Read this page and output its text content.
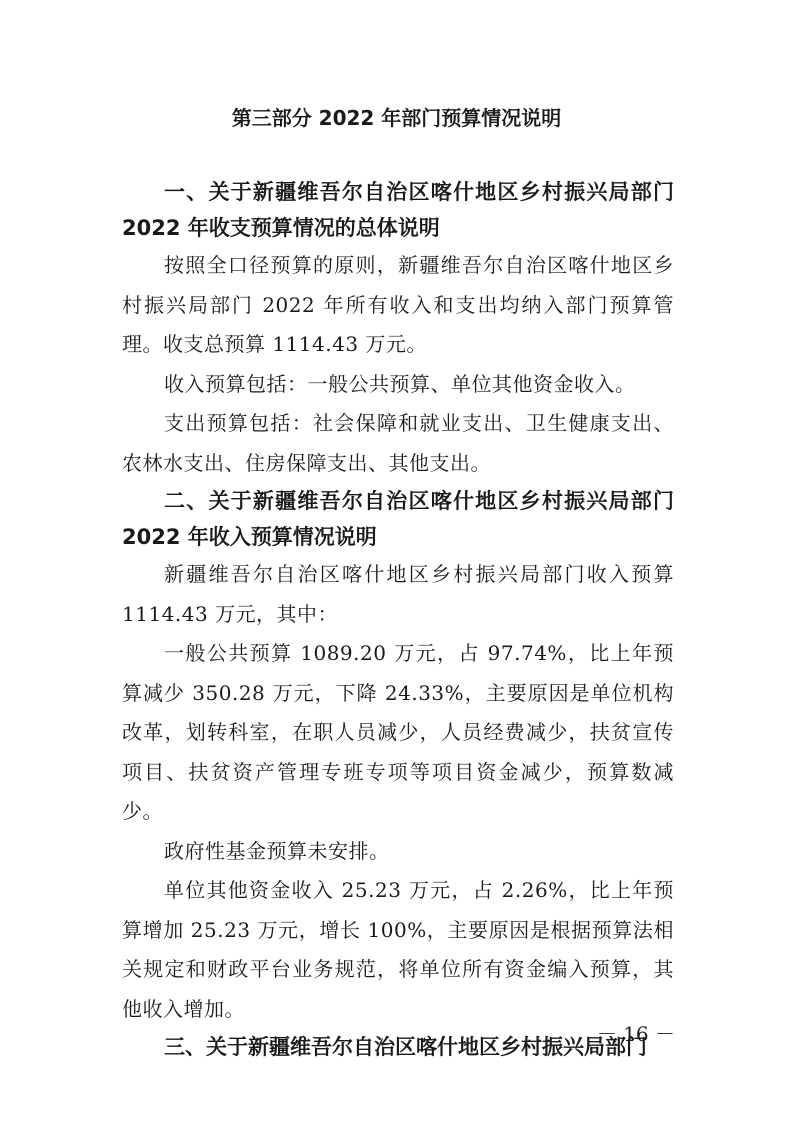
第三部分 2022 年部门预算情况说明

一、关于新疆维吾尔自治区喀什地区乡村振兴局部门 2022 年收支预算情况的总体说明

按照全口径预算的原则，新疆维吾尔自治区喀什地区乡村振兴局部门 2022 年所有收入和支出均纳入部门预算管理。收支总预算 1114.43 万元。

收入预算包括：一般公共预算、单位其他资金收入。

支出预算包括：社会保障和就业支出、卫生健康支出、农林水支出、住房保障支出、其他支出。

二、关于新疆维吾尔自治区喀什地区乡村振兴局部门 2022 年收入预算情况说明

新疆维吾尔自治区喀什地区乡村振兴局部门收入预算 1114.43 万元，其中：

一般公共预算 1089.20 万元，占 97.74%，比上年预算减少 350.28 万元，下降 24.33%，主要原因是单位机构改革，划转科室，在职人员减少，人员经费减少，扶贫宣传项目、扶贫资产管理专班专项等项目资金减少，预算数减少。

政府性基金预算未安排。

单位其他资金收入 25.23 万元，占 2.26%，比上年预算增加 25.23 万元，增长 100%，主要原因是根据预算法相关规定和财政平台业务规范，将单位所有资金编入预算，其他收入增加。

三、关于新疆维吾尔自治区喀什地区乡村振兴局部门

－ 16 －
